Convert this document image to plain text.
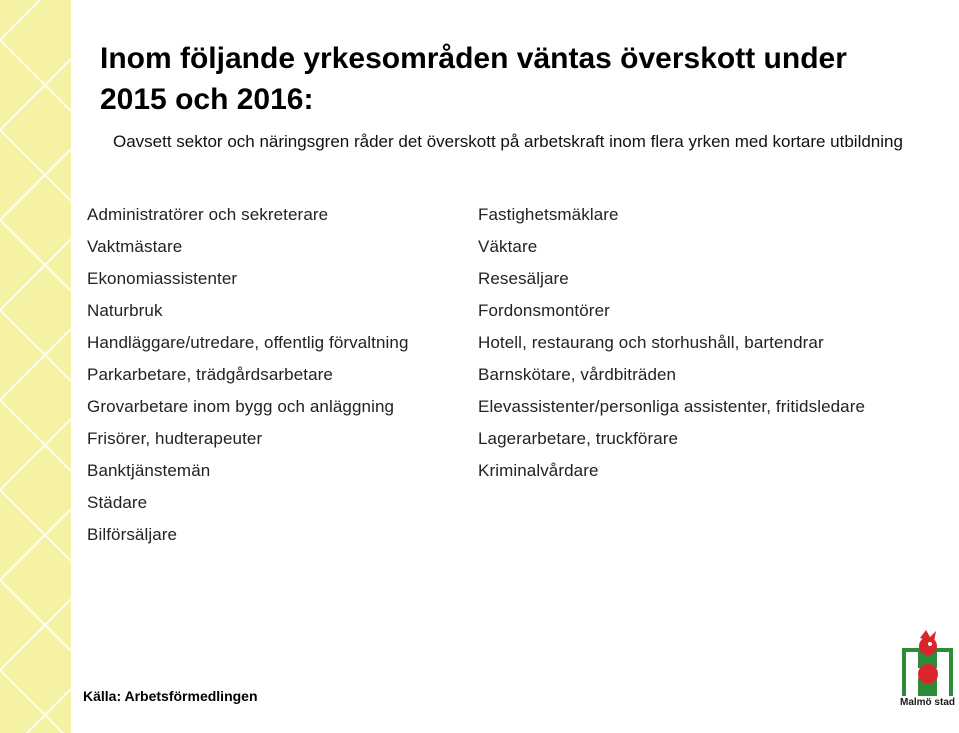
Inom följande yrkesområden väntas överskott under 2015 och 2016:

Oavsett sektor och näringsgren råder det överskott på arbetskraft inom flera yrken med kortare utbildning

Administratörer och sekreterare
Vaktmästare
Ekonomiassistenter
Naturbruk
Handläggare/utredare, offentlig förvaltning
Parkarbetare, trädgårdsarbetare
Grovarbetare inom bygg och anläggning
Frisörer, hudterapeuter
Banktjänstemän
Städare
Bilförsäljare
Fastighetsmäklare
Väktare
Resesäljare
Fordonsmontörer
Hotell, restaurang och storhushåll, bartendrar
Barnskötare, vårdbiträden
Elevassistenter/personliga assistenter, fritidsledare
Lagerarbetare, truckförare
Kriminalvårdare
Källa: Arbetsförmedlingen	Malmö stad
